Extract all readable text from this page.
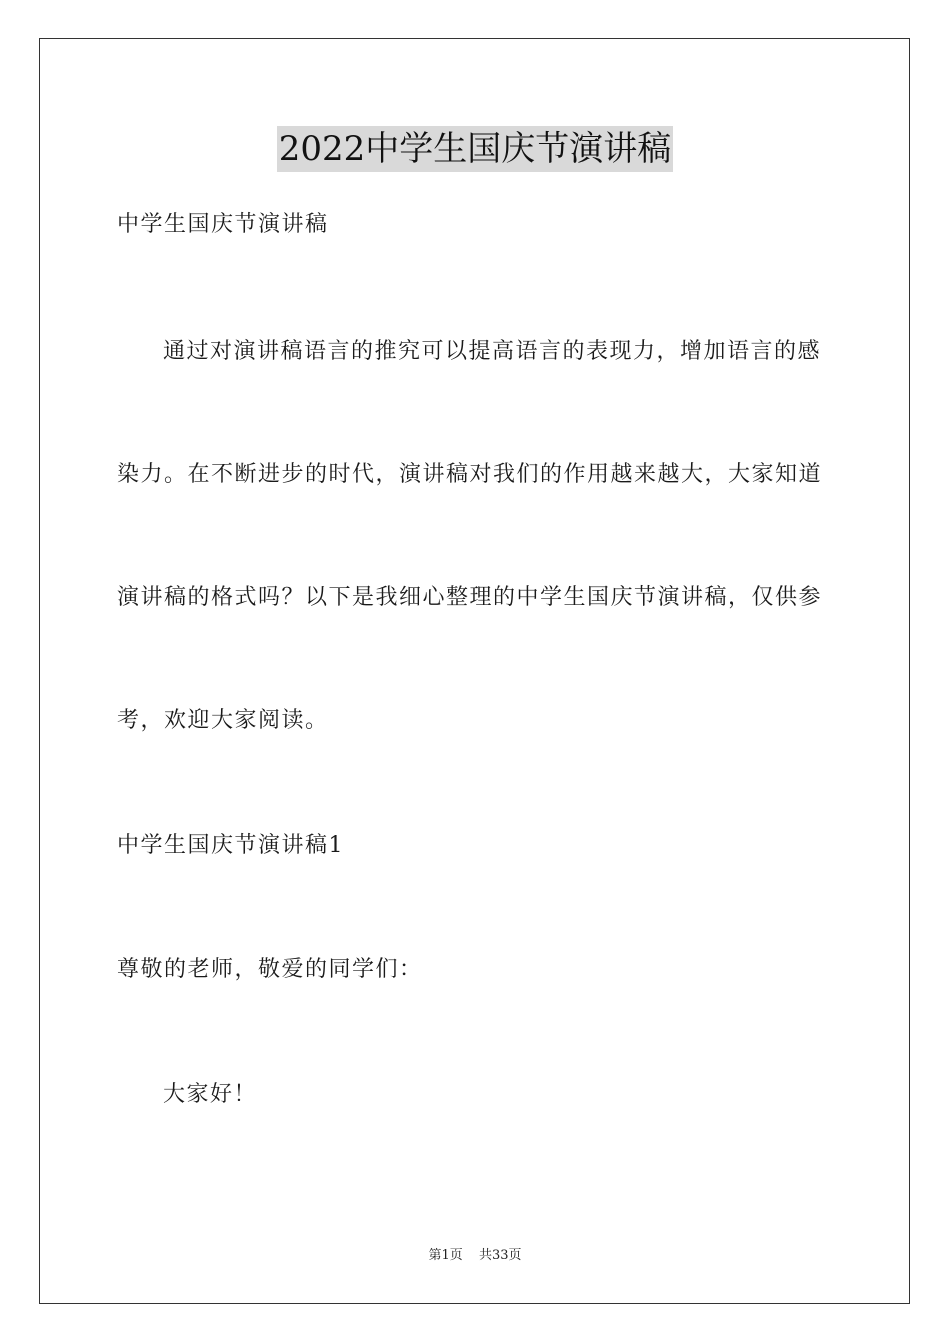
2022中学生国庆节演讲稿
中学生国庆节演讲稿
通过对演讲稿语言的推究可以提高语言的表现力，增加语言的感
染力。在不断进步的时代，演讲稿对我们的作用越来越大，大家知道
演讲稿的格式吗？以下是我细心整理的中学生国庆节演讲稿，仅供参
考，欢迎大家阅读。
中学生国庆节演讲稿1
尊敬的老师，敬爱的同学们：
大家好！
第1页 共33页
